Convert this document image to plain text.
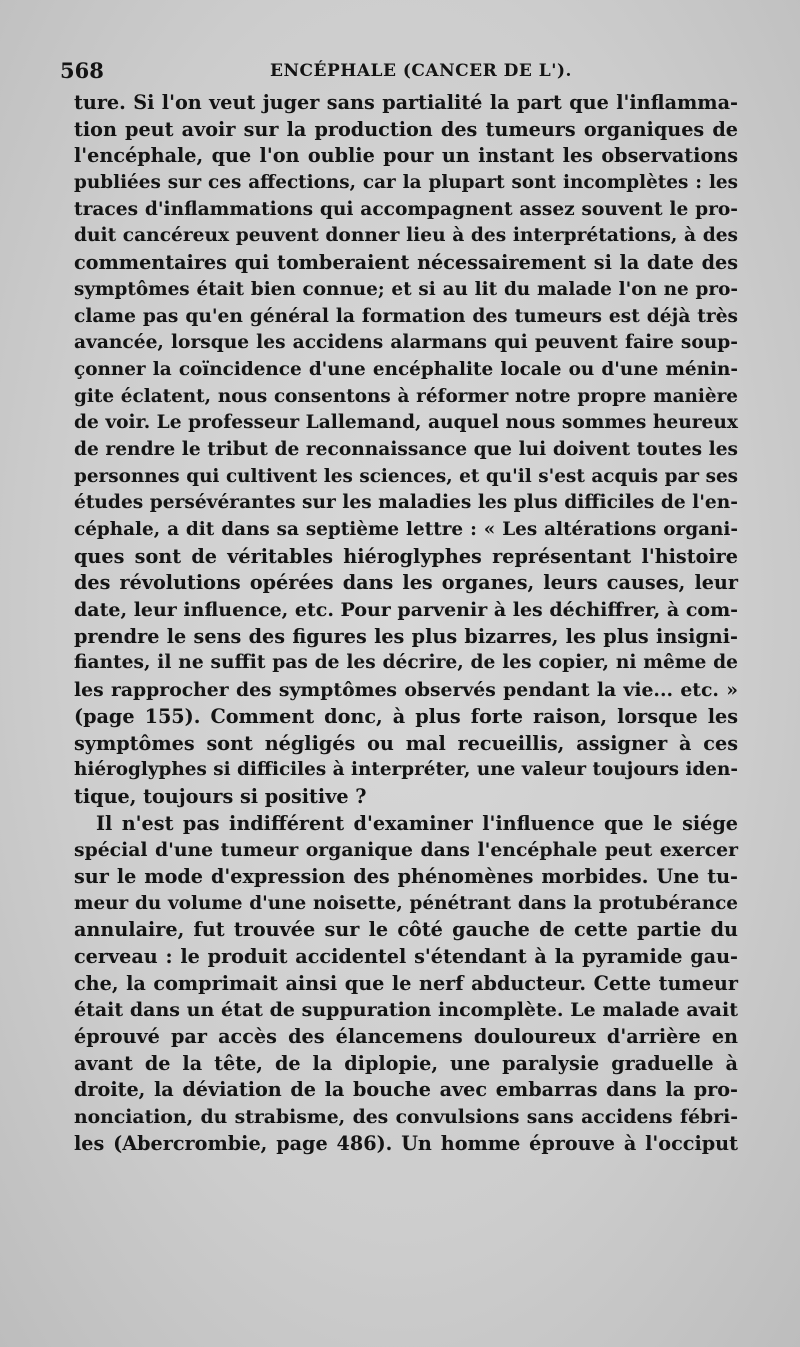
568	ENCÉPHALE (CANCER DE L').
ture. Si l'on veut juger sans partialité la part que l'inflamma-
tion peut avoir sur la production des tumeurs organiques de
l'encéphale, que l'on oublie pour un instant les observations
publiées sur ces affections, car la plupart sont incomplètes : les
traces d'inflammations qui accompagnent assez souvent le pro-
duit cancéreux peuvent donner lieu à des interprétations, à des
commentaires qui tomberaient nécessairement si la date des
symptômes était bien connue; et si au lit du malade l'on ne pro-
clame pas qu'en général la formation des tumeurs est déjà très
avancée, lorsque les accidens alarmans qui peuvent faire soup-
çonner la coïncidence d'une encéphalite locale ou d'une ménin-
gite éclatent, nous consentons à réformer notre propre manière
de voir. Le professeur Lallemand, auquel nous sommes heureux
de rendre le tribut de reconnaissance que lui doivent toutes les
personnes qui cultivent les sciences, et qu'il s'est acquis par ses
études persévérantes sur les maladies les plus difficiles de l'en-
céphale, a dit dans sa septième lettre : « Les altérations organi-
ques sont de véritables hiéroglyphes représentant l'histoire
des révolutions opérées dans les organes, leurs causes, leur
date, leur influence, etc. Pour parvenir à les déchiffrer, à com-
prendre le sens des figures les plus bizarres, les plus insigni-
fiantes, il ne suffit pas de les décrire, de les copier, ni même de
les rapprocher des symptômes observés pendant la vie... etc. »
(page 155). Comment donc, à plus forte raison, lorsque les
symptômes sont négligés ou mal recueillis, assigner à ces
hiéroglyphes si difficiles à interpréter, une valeur toujours iden-
tique, toujours si positive ?
Il n'est pas indifférent d'examiner l'influence que le siége
spécial d'une tumeur organique dans l'encéphale peut exercer
sur le mode d'expression des phénomènes morbides. Une tu-
meur du volume d'une noisette, pénétrant dans la protubérance
annulaire, fut trouvée sur le côté gauche de cette partie du
cerveau : le produit accidentel s'étendant à la pyramide gau-
che, la comprimait ainsi que le nerf abducteur. Cette tumeur
était dans un état de suppuration incomplète. Le malade avait
éprouvé par accès des élancemens douloureux d'arrière en
avant de la tête, de la diplopie, une paralysie graduelle à
droite, la déviation de la bouche avec embarras dans la pro-
nonciation, du strabisme, des convulsions sans accidens fébri-
les (Abercrombie, page 486). Un homme éprouve à l'occiput
